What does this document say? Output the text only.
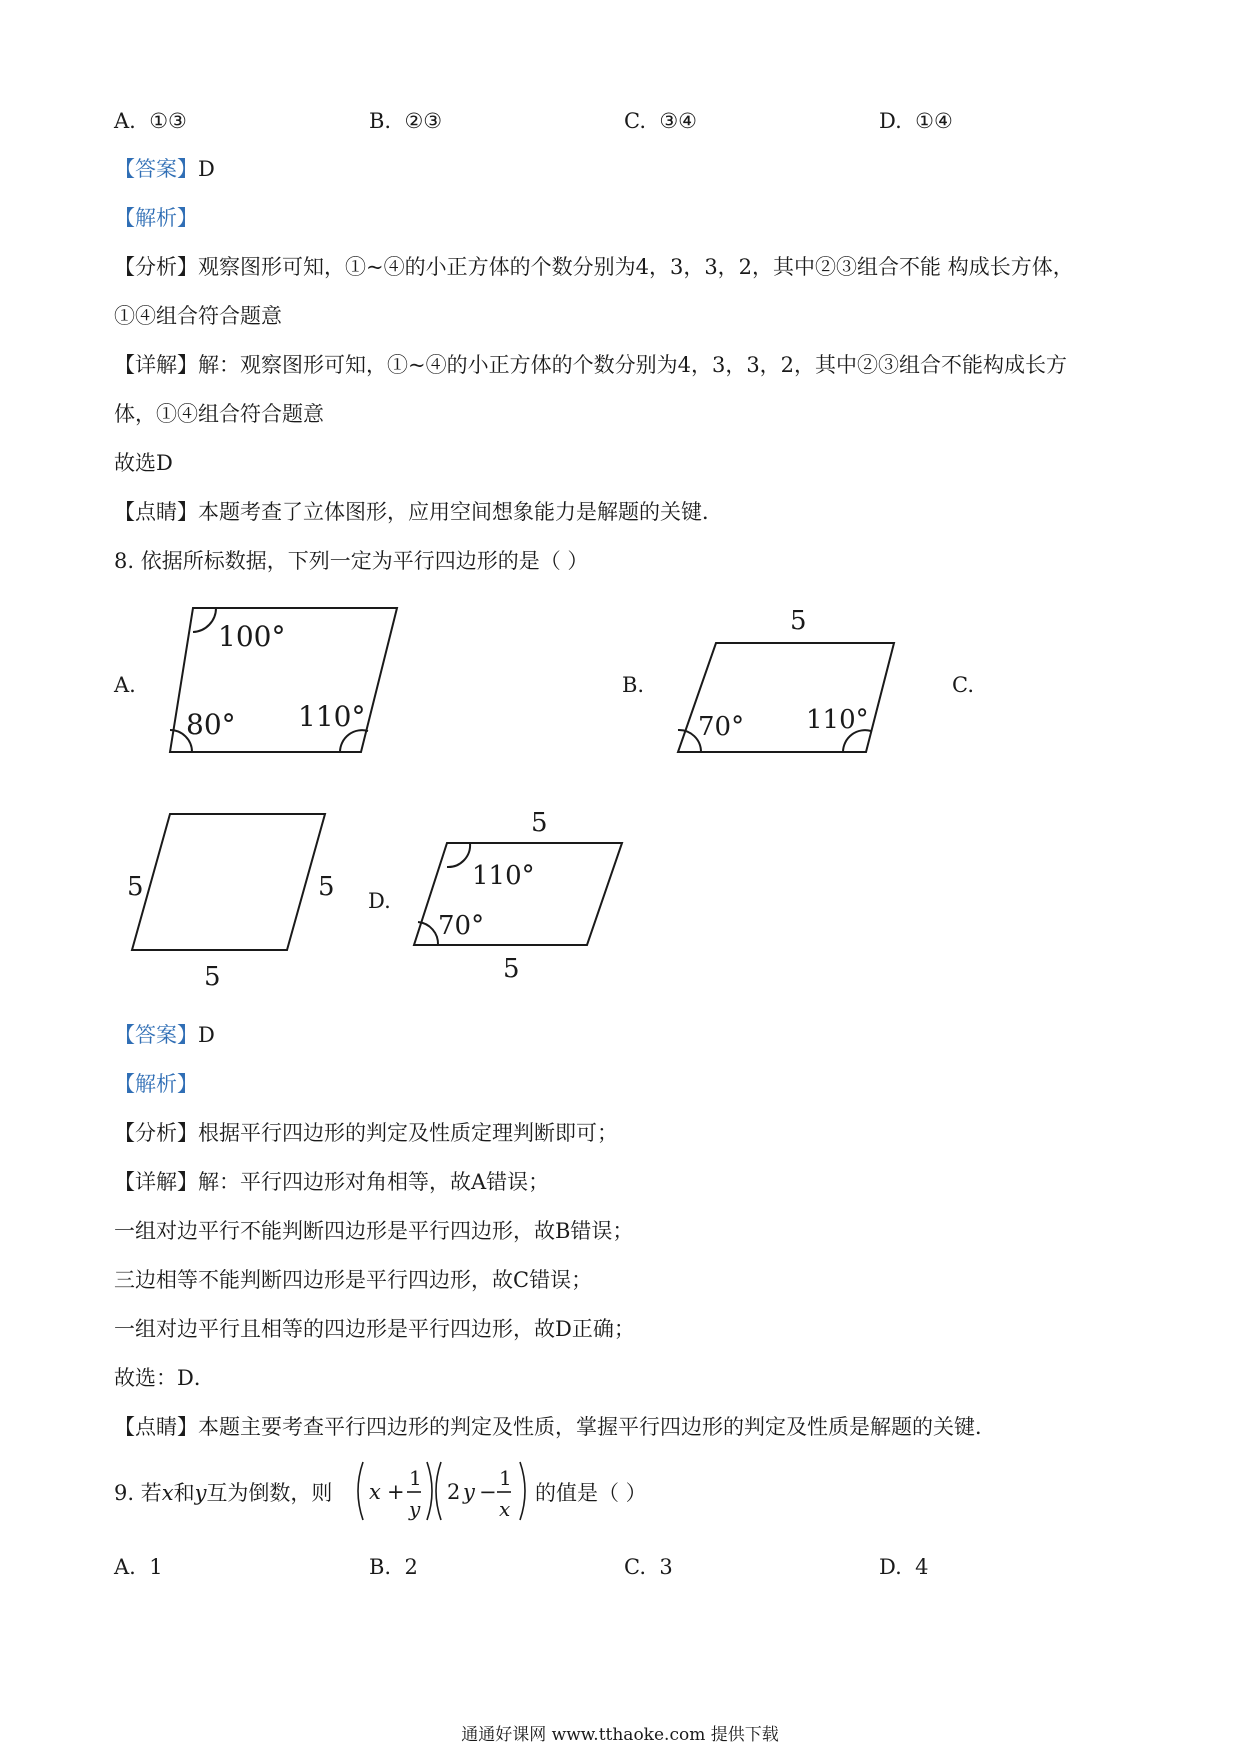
A. ①③	B. ②③	C. ③④	D. ①④
【答案】D
【解析】
【分析】观察图形可知，①~④的小正方体的个数分别为4，3，3，2，其中②③组合不能 构成长方体，
①④组合符合题意
【详解】解：观察图形可知，①~④的小正方体的个数分别为4，3，3，2，其中②③组合不能构成长方
体，①④组合符合题意
故选D
【点睛】本题考查了立体图形，应用空间想象能力是解题的关键．
8. 依据所标数据，下列一定为平行四边形的是（ ）
A.	B.	C.
D.
100°
80° 110°
5
70° 110°
5	5
5
5
110°
70°
5
【答案】D
【解析】
【分析】根据平行四边形的判定及性质定理判断即可；
【详解】解：平行四边形对角相等，故A错误；
一组对边平行不能判断四边形是平行四边形，故B错误；
三边相等不能判断四边形是平行四边形，故C错误；
一组对边平行且相等的四边形是平行四边形，故D正确；
故选：D．
【点睛】本题主要考查平行四边形的判定及性质，掌握平行四边形的判定及性质是解题的关键．
9. 若x和y互为倒数，则 x +
1
y
2 y −
1
x
的值是（ ）
A. 1	B. 2	C. 3	D. 4
通通好课网 www.tthaoke.com 提供下载
